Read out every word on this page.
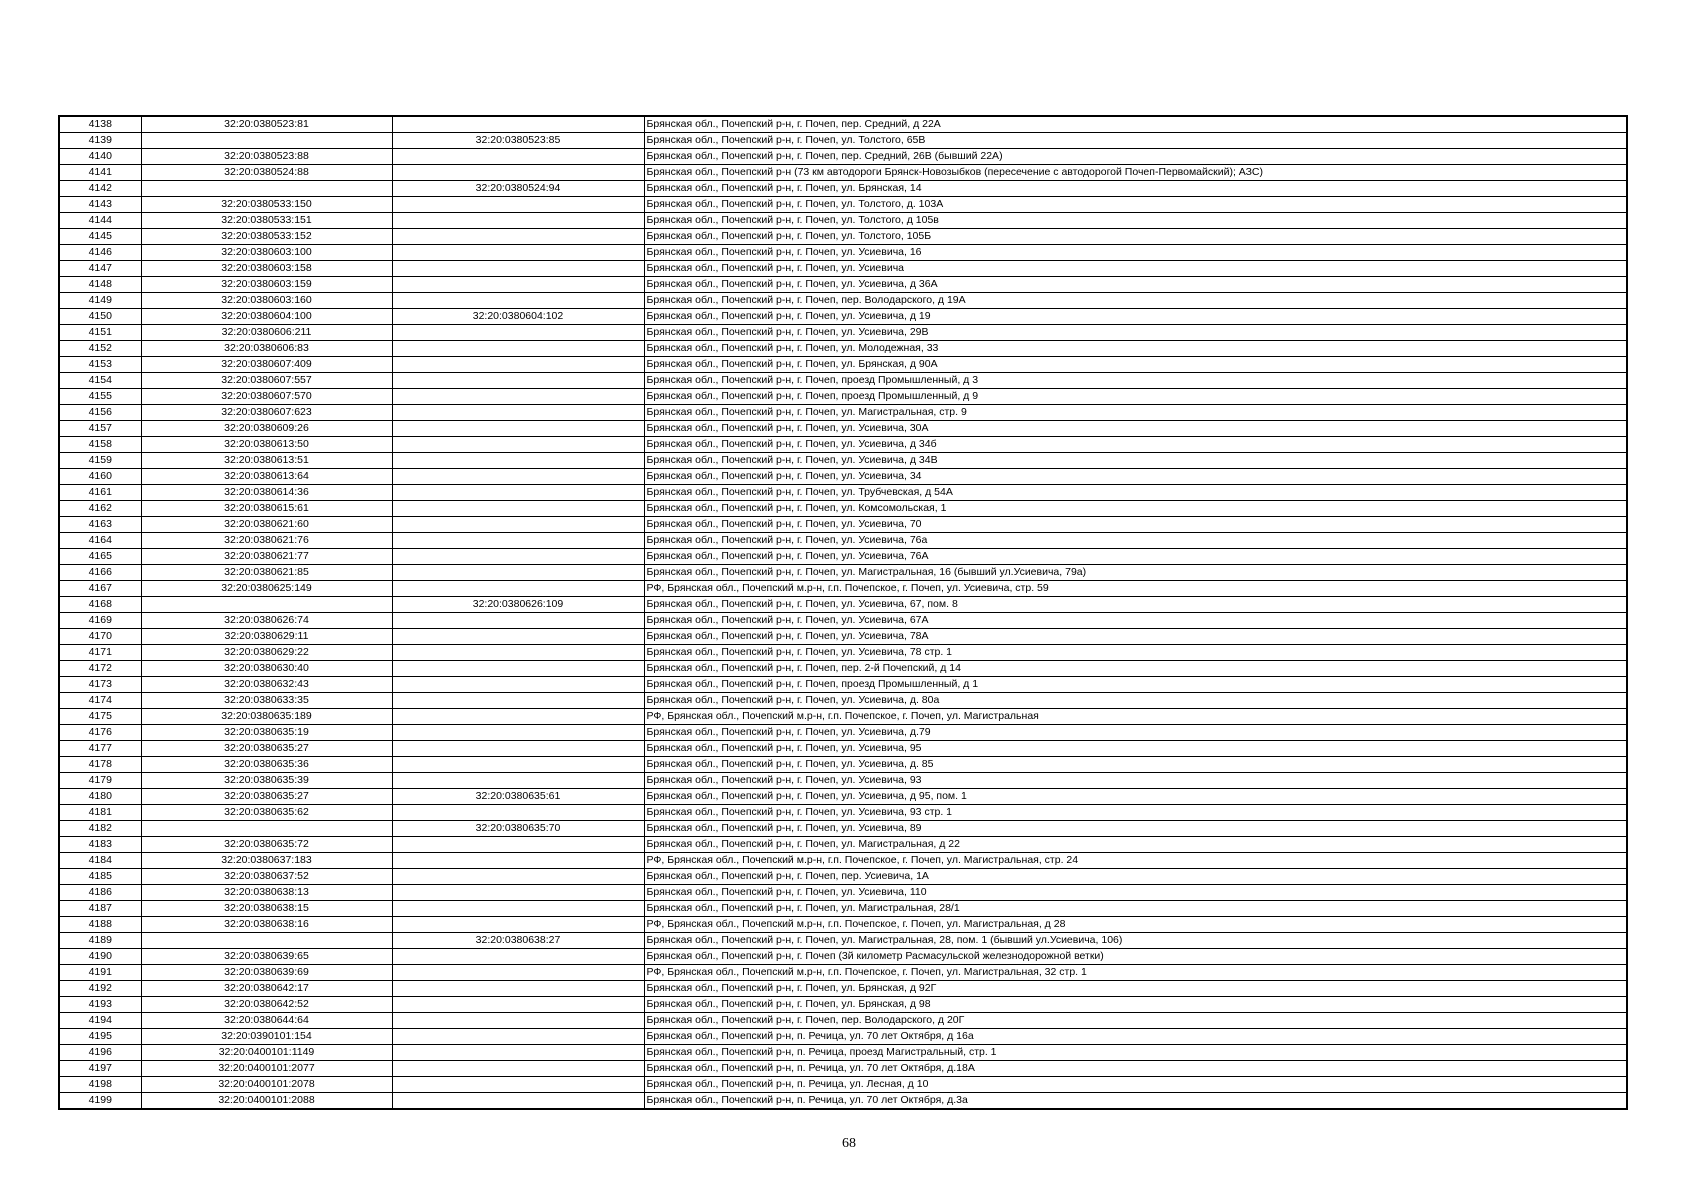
4138	32:20:0380523:81		Брянская обл., Почепский р-н, г. Почеп, пер. Средний, д 22А
4139		32:20:0380523:85	Брянская обл., Почепский р-н, г. Почеп, ул. Толстого, 65В
4140	32:20:0380523:88		Брянская обл., Почепский р-н, г. Почеп, пер. Средний, 26В (бывший 22А)
4141	32:20:0380524:88		Брянская обл., Почепский р-н (73 км автодороги Брянск-Новозыбков (пересечение с автодорогой Почеп-Первомайский); АЗС)
4142		32:20:0380524:94	Брянская обл., Почепский р-н, г. Почеп, ул. Брянская, 14
4143	32:20:0380533:150		Брянская обл., Почепский р-н, г. Почеп, ул. Толстого, д. 103А
4144	32:20:0380533:151		Брянская обл., Почепский р-н, г. Почеп, ул. Толстого, д 105в
4145	32:20:0380533:152		Брянская обл., Почепский р-н, г. Почеп, ул. Толстого, 105Б
4146	32:20:0380603:100		Брянская обл., Почепский р-н, г. Почеп, ул. Усиевича, 16
4147	32:20:0380603:158		Брянская обл., Почепский р-н, г. Почеп, ул. Усиевича
4148	32:20:0380603:159		Брянская обл., Почепский р-н, г. Почеп, ул. Усиевича, д 36А
4149	32:20:0380603:160		Брянская обл., Почепский р-н, г. Почеп, пер. Володарского, д 19А
4150	32:20:0380604:100	32:20:0380604:102	Брянская обл., Почепский р-н, г. Почеп, ул. Усиевича, д 19
4151	32:20:0380606:211		Брянская обл., Почепский р-н, г. Почеп, ул. Усиевича, 29В
4152	32:20:0380606:83		Брянская обл., Почепский р-н, г. Почеп, ул. Молодежная, 33
4153	32:20:0380607:409		Брянская обл., Почепский р-н, г. Почеп, ул. Брянская, д 90А
4154	32:20:0380607:557		Брянская обл., Почепский р-н, г. Почеп, проезд Промышленный, д 3
4155	32:20:0380607:570		Брянская обл., Почепский р-н, г. Почеп, проезд Промышленный, д 9
4156	32:20:0380607:623		Брянская обл., Почепский р-н, г. Почеп, ул. Магистральная, стр. 9
4157	32:20:0380609:26		Брянская обл., Почепский р-н, г. Почеп, ул. Усиевича, 30А
4158	32:20:0380613:50		Брянская обл., Почепский р-н, г. Почеп, ул. Усиевича, д 34б
4159	32:20:0380613:51		Брянская обл., Почепский р-н, г. Почеп, ул. Усиевича, д 34В
4160	32:20:0380613:64		Брянская обл., Почепский р-н, г. Почеп, ул. Усиевича, 34
4161	32:20:0380614:36		Брянская обл., Почепский р-н, г. Почеп, ул. Трубчевская, д 54А
4162	32:20:0380615:61		Брянская обл., Почепский р-н, г. Почеп, ул. Комсомольская, 1
4163	32:20:0380621:60		Брянская обл., Почепский р-н, г. Почеп, ул. Усиевича, 70
4164	32:20:0380621:76		Брянская обл., Почепский р-н, г. Почеп, ул. Усиевича, 76а
4165	32:20:0380621:77		Брянская обл., Почепский р-н, г. Почеп, ул. Усиевича, 76А
4166	32:20:0380621:85		Брянская обл., Почепский р-н, г. Почеп, ул. Магистральная, 16 (бывший ул.Усиевича, 79а)
4167	32:20:0380625:149		РФ, Брянская обл., Почепский м.р-н, г.п. Почепское, г. Почеп, ул. Усиевича, стр. 59
4168		32:20:0380626:109	Брянская обл., Почепский р-н, г. Почеп, ул. Усиевича, 67, пом. 8
4169	32:20:0380626:74		Брянская обл., Почепский р-н, г. Почеп, ул. Усиевича, 67А
4170	32:20:0380629:11		Брянская обл., Почепский р-н, г. Почеп, ул. Усиевича, 78А
4171	32:20:0380629:22		Брянская обл., Почепский р-н, г. Почеп, ул. Усиевича, 78 стр. 1
4172	32:20:0380630:40		Брянская обл., Почепский р-н, г. Почеп, пер. 2-й Почепский, д 14
4173	32:20:0380632:43		Брянская обл., Почепский р-н, г. Почеп, проезд Промышленный, д 1
4174	32:20:0380633:35		Брянская обл., Почепский р-н, г. Почеп, ул. Усиевича, д. 80а
4175	32:20:0380635:189		РФ, Брянская обл., Почепский м.р-н, г.п. Почепское, г. Почеп, ул. Магистральная
4176	32:20:0380635:19		Брянская обл., Почепский р-н, г. Почеп, ул. Усиевича, д.79
4177	32:20:0380635:27		Брянская обл., Почепский р-н, г. Почеп, ул. Усиевича, 95
4178	32:20:0380635:36		Брянская обл., Почепский р-н, г. Почеп, ул. Усиевича, д. 85
4179	32:20:0380635:39		Брянская обл., Почепский р-н, г. Почеп, ул. Усиевича, 93
4180	32:20:0380635:27	32:20:0380635:61	Брянская обл., Почепский р-н, г. Почеп, ул. Усиевича, д 95, пом. 1
4181	32:20:0380635:62		Брянская обл., Почепский р-н, г. Почеп, ул. Усиевича, 93 стр. 1
4182		32:20:0380635:70	Брянская обл., Почепский р-н, г. Почеп, ул. Усиевича, 89
4183	32:20:0380635:72		Брянская обл., Почепский р-н, г. Почеп, ул. Магистральная, д 22
4184	32:20:0380637:183		РФ, Брянская обл., Почепский м.р-н, г.п. Почепское, г. Почеп, ул. Магистральная, стр. 24
4185	32:20:0380637:52		Брянская обл., Почепский р-н, г. Почеп, пер. Усиевича, 1А
4186	32:20:0380638:13		Брянская обл., Почепский р-н, г. Почеп, ул. Усиевича, 110
4187	32:20:0380638:15		Брянская обл., Почепский р-н, г. Почеп, ул. Магистральная, 28/1
4188	32:20:0380638:16		РФ, Брянская обл., Почепский м.р-н, г.п. Почепское, г. Почеп, ул. Магистральная, д 28
4189		32:20:0380638:27	Брянская обл., Почепский р-н, г. Почеп, ул. Магистральная, 28, пом. 1 (бывший ул.Усиевича, 106)
4190	32:20:0380639:65		Брянская обл., Почепский р-н, г. Почеп (3й километр Расмасульской железнодорожной ветки)
4191	32:20:0380639:69		РФ, Брянская обл., Почепский м.р-н, г.п. Почепское, г. Почеп, ул. Магистральная, 32 стр. 1
4192	32:20:0380642:17		Брянская обл., Почепский р-н, г. Почеп, ул. Брянская, д 92Г
4193	32:20:0380642:52		Брянская обл., Почепский р-н, г. Почеп, ул. Брянская, д 98
4194	32:20:0380644:64		Брянская обл., Почепский р-н, г. Почеп, пер. Володарского, д 20Г
4195	32:20:0390101:154		Брянская обл., Почепский р-н, п. Речица, ул. 70 лет Октября, д 16а
4196	32:20:0400101:1149		Брянская обл., Почепский р-н, п. Речица, проезд Магистральный, стр. 1
4197	32:20:0400101:2077		Брянская обл., Почепский р-н, п. Речица, ул. 70 лет Октября, д.18А
4198	32:20:0400101:2078		Брянская обл., Почепский р-н, п. Речица, ул. Лесная, д 10
4199	32:20:0400101:2088		Брянская обл., Почепский р-н, п. Речица, ул. 70 лет Октября, д.3а
68
